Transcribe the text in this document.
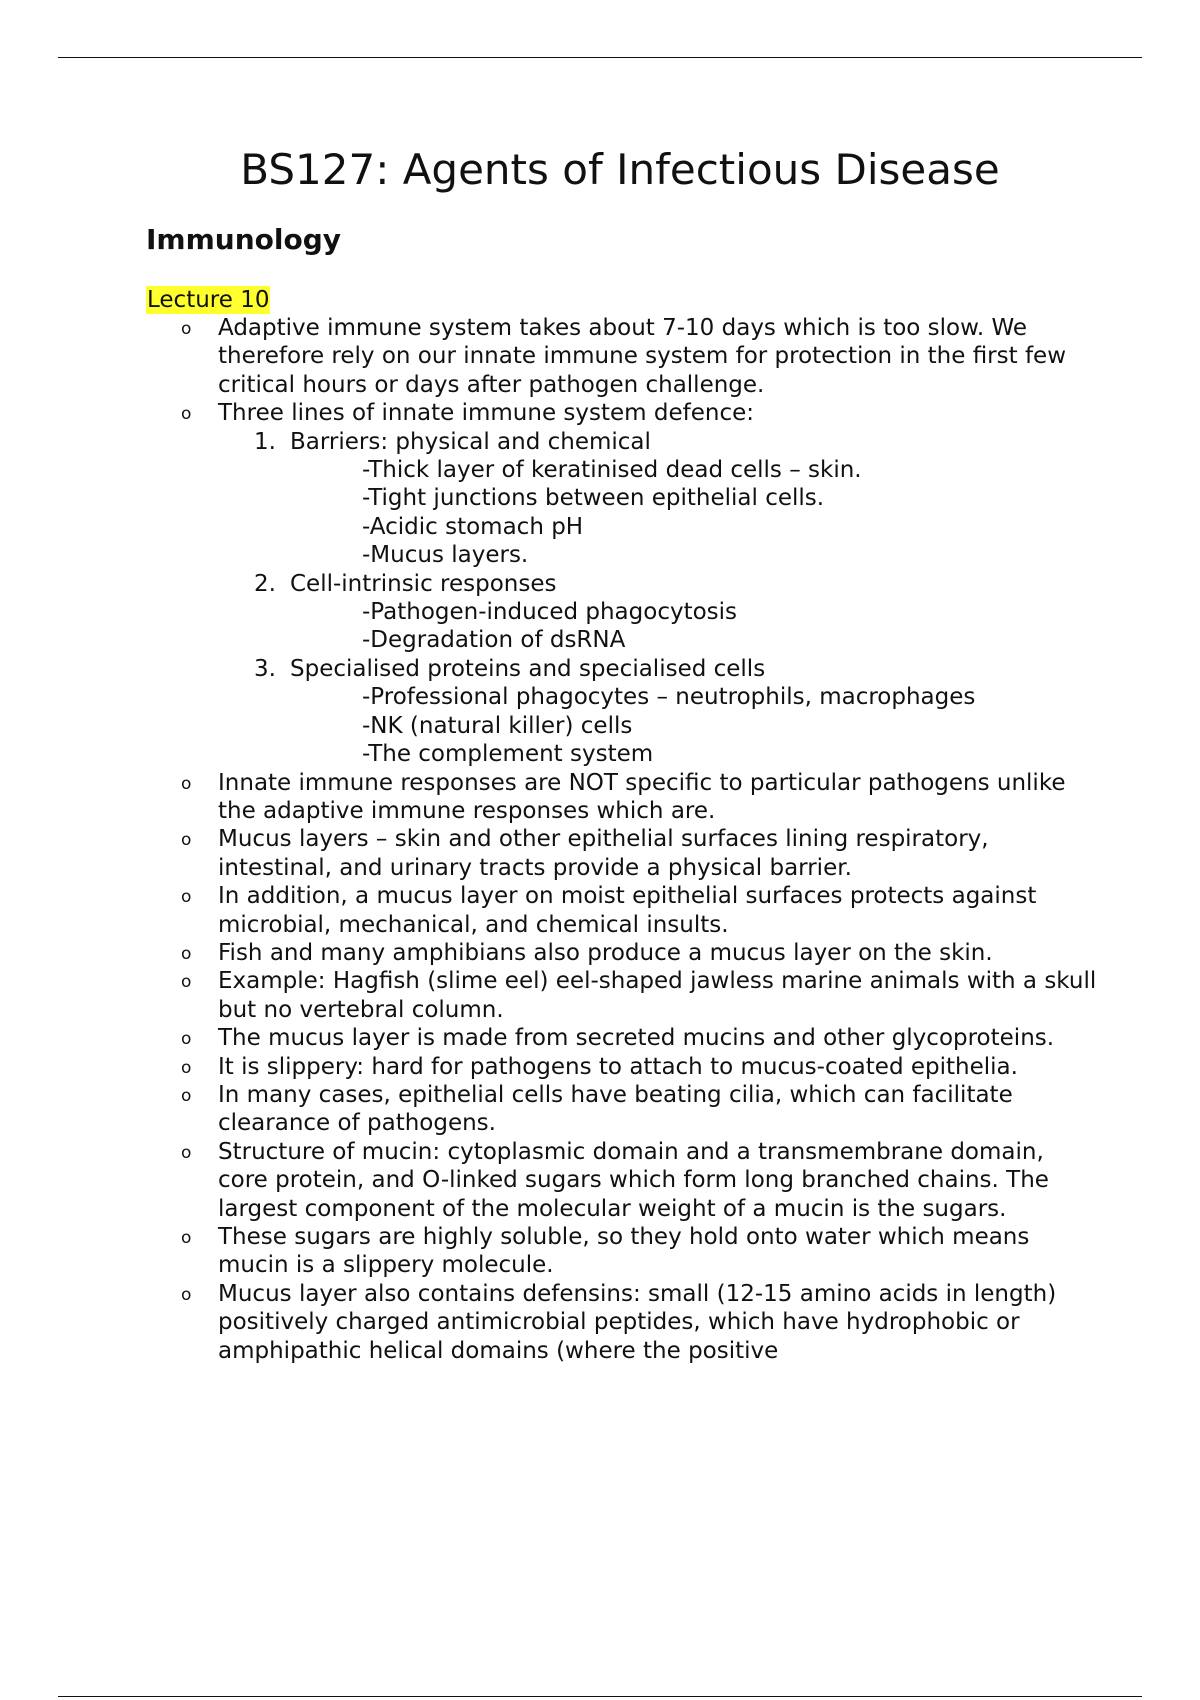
BS127: Agents of Infectious Disease
Immunology
Lecture 10
o Adaptive immune system takes about 7-10 days which is too slow. We therefore rely on our innate immune system for protection in the first few critical hours or days after pathogen challenge.
o Three lines of innate immune system defence:
1. Barriers: physical and chemical
-Thick layer of keratinised dead cells – skin.
-Tight junctions between epithelial cells.
-Acidic stomach pH
-Mucus layers.
2. Cell-intrinsic responses
-Pathogen-induced phagocytosis
-Degradation of dsRNA
3. Specialised proteins and specialised cells
-Professional phagocytes – neutrophils, macrophages
-NK (natural killer) cells
-The complement system
o Innate immune responses are NOT specific to particular pathogens unlike the adaptive immune responses which are.
o Mucus layers – skin and other epithelial surfaces lining respiratory, intestinal, and urinary tracts provide a physical barrier.
o In addition, a mucus layer on moist epithelial surfaces protects against microbial, mechanical, and chemical insults.
o Fish and many amphibians also produce a mucus layer on the skin.
o Example: Hagfish (slime eel) eel-shaped jawless marine animals with a skull but no vertebral column.
o The mucus layer is made from secreted mucins and other glycoproteins.
o It is slippery: hard for pathogens to attach to mucus-coated epithelia.
o In many cases, epithelial cells have beating cilia, which can facilitate clearance of pathogens.
o Structure of mucin: cytoplasmic domain and a transmembrane domain, core protein, and O-linked sugars which form long branched chains. The largest component of the molecular weight of a mucin is the sugars.
o These sugars are highly soluble, so they hold onto water which means mucin is a slippery molecule.
o Mucus layer also contains defensins: small (12-15 amino acids in length) positively charged antimicrobial peptides, which have hydrophobic or amphipathic helical domains (where the positive
